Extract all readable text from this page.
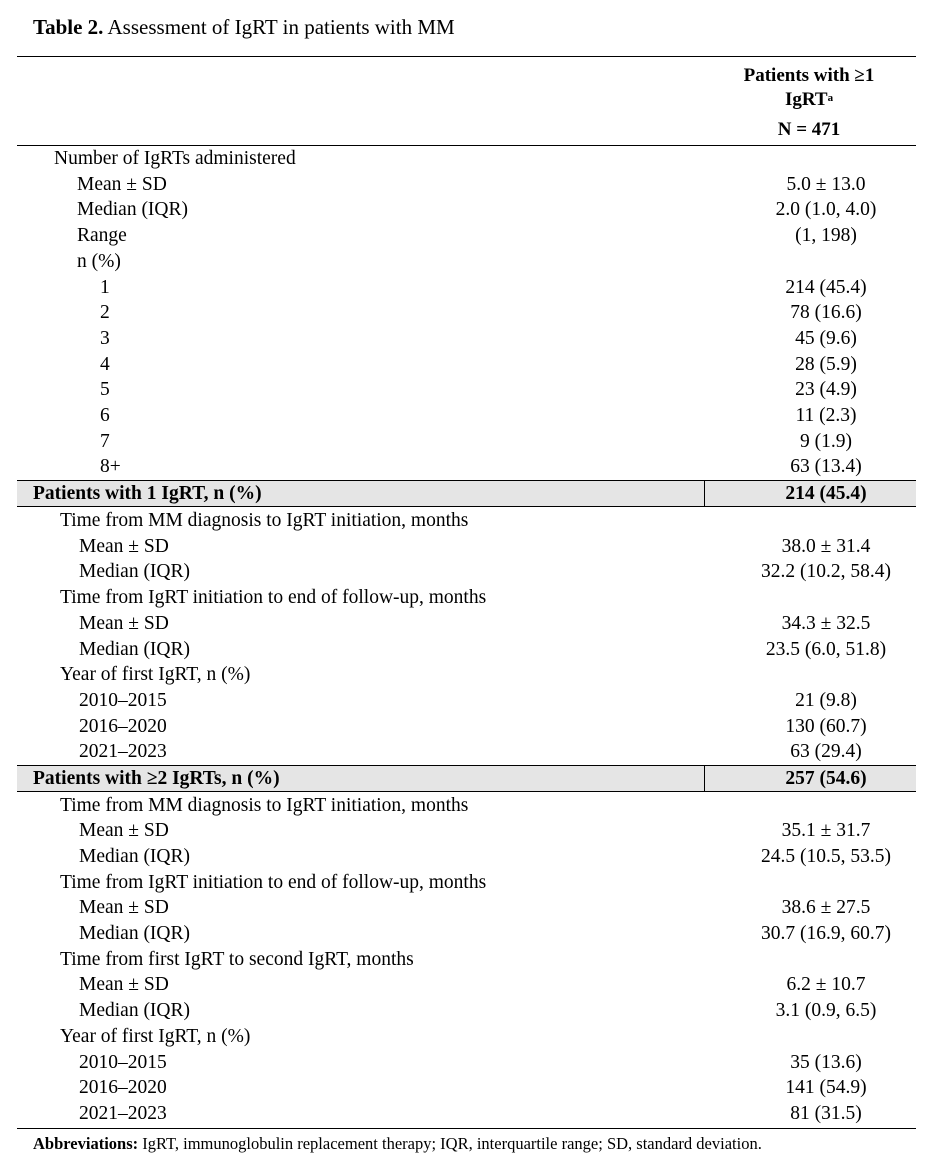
Table 2. Assessment of IgRT in patients with MM
Patients with ≥1
IgRT$^a$
N = 471
Number of IgRTs administered
Mean ± SD	5.0 ± 13.0
Median (IQR)	2.0 (1.0, 4.0)
Range	(1, 198)
n (%)
1	214 (45.4)
2	78 (16.6)
3	45 (9.6)
4	28 (5.9)
5	23 (4.9)
6	11 (2.3)
7	9 (1.9)
8+	63 (13.4)
Patients with 1 IgRT, n (%)	214 (45.4)
Time from MM diagnosis to IgRT initiation, months
Mean ± SD	38.0 ± 31.4
Median (IQR)	32.2 (10.2, 58.4)
Time from IgRT initiation to end of follow-up, months
Mean ± SD	34.3 ± 32.5
Median (IQR)	23.5 (6.0, 51.8)
Year of first IgRT, n (%)
2010–2015	21 (9.8)
2016–2020	130 (60.7)
2021–2023	63 (29.4)
Patients with ≥2 IgRTs, n (%)	257 (54.6)
Time from MM diagnosis to IgRT initiation, months
Mean ± SD	35.1 ± 31.7
Median (IQR)	24.5 (10.5, 53.5)
Time from IgRT initiation to end of follow-up, months
Mean ± SD	38.6 ± 27.5
Median (IQR)	30.7 (16.9, 60.7)
Time from first IgRT to second IgRT, months
Mean ± SD	6.2 ± 10.7
Median (IQR)	3.1 (0.9, 6.5)
Year of first IgRT, n (%)
2010–2015	35 (13.6)
2016–2020	141 (54.9)
2021–2023	81 (31.5)
Abbreviations: IgRT, immunoglobulin replacement therapy; IQR, interquartile range; SD, standard deviation.
